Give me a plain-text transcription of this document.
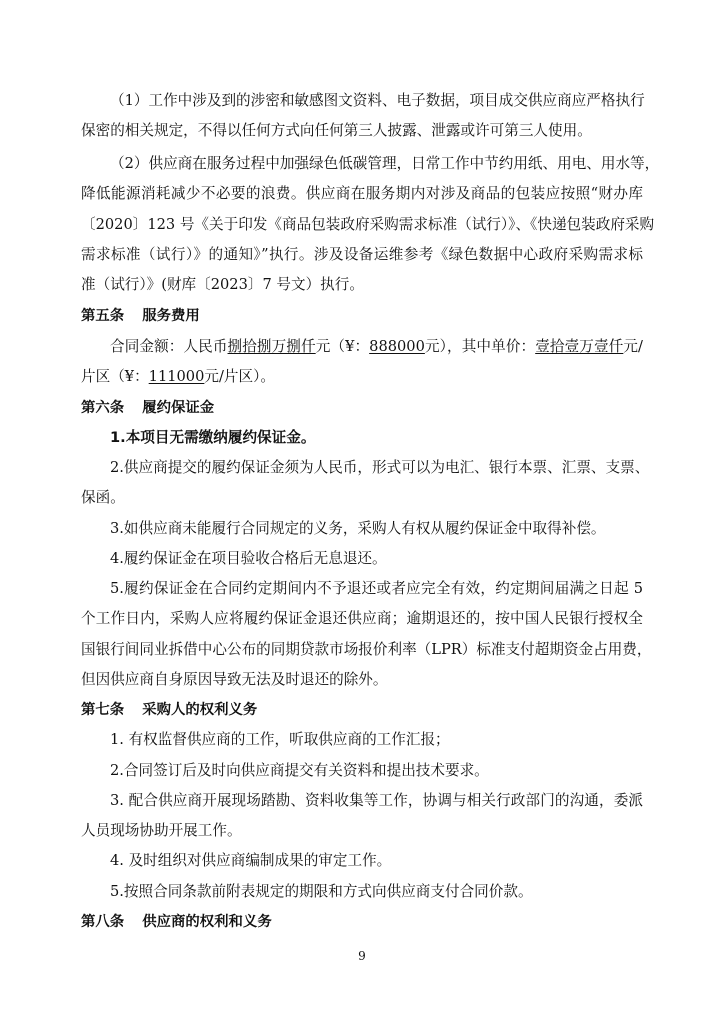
（1）工作中涉及到的涉密和敏感图文资料、电子数据，项目成交供应商应严格执行
保密的相关规定，不得以任何方式向任何第三人披露、泄露或许可第三人使用。
（2）供应商在服务过程中加强绿色低碳管理，日常工作中节约用纸、用电、用水等，
降低能源消耗减少不必要的浪费。供应商在服务期内对涉及商品的包装应按照“财办库
〔2020〕123 号《关于印发《商品包装政府采购需求标准（试行）》、《快递包装政府采购
需求标准（试行）》的通知》”执行。涉及设备运维参考《绿色数据中心政府采购需求标
准（试行）》(财库〔2023〕7 号文）执行。
第五条 服务费用
合同金额：人民币捌拾捌万捌仟元（¥：888000元），其中单价：壹拾壹万壹仟元/
片区（¥：111000元/片区）。
第六条 履约保证金
1.本项目无需缴纳履约保证金。
2.供应商提交的履约保证金须为人民币，形式可以为电汇、银行本票、汇票、支票、
保函。
3.如供应商未能履行合同规定的义务，采购人有权从履约保证金中取得补偿。
4.履约保证金在项目验收合格后无息退还。
5.履约保证金在合同约定期间内不予退还或者应完全有效，约定期间届满之日起 5
个工作日内，采购人应将履约保证金退还供应商；逾期退还的，按中国人民银行授权全
国银行间同业拆借中心公布的同期贷款市场报价利率（LPR）标准支付超期资金占用费，
但因供应商自身原因导致无法及时退还的除外。
第七条 采购人的权利义务
1. 有权监督供应商的工作，听取供应商的工作汇报；
2.合同签订后及时向供应商提交有关资料和提出技术要求。
3. 配合供应商开展现场踏勘、资料收集等工作，协调与相关行政部门的沟通，委派
人员现场协助开展工作。
4. 及时组织对供应商编制成果的审定工作。
5.按照合同条款前附表规定的期限和方式向供应商支付合同价款。
第八条 供应商的权利和义务
9
